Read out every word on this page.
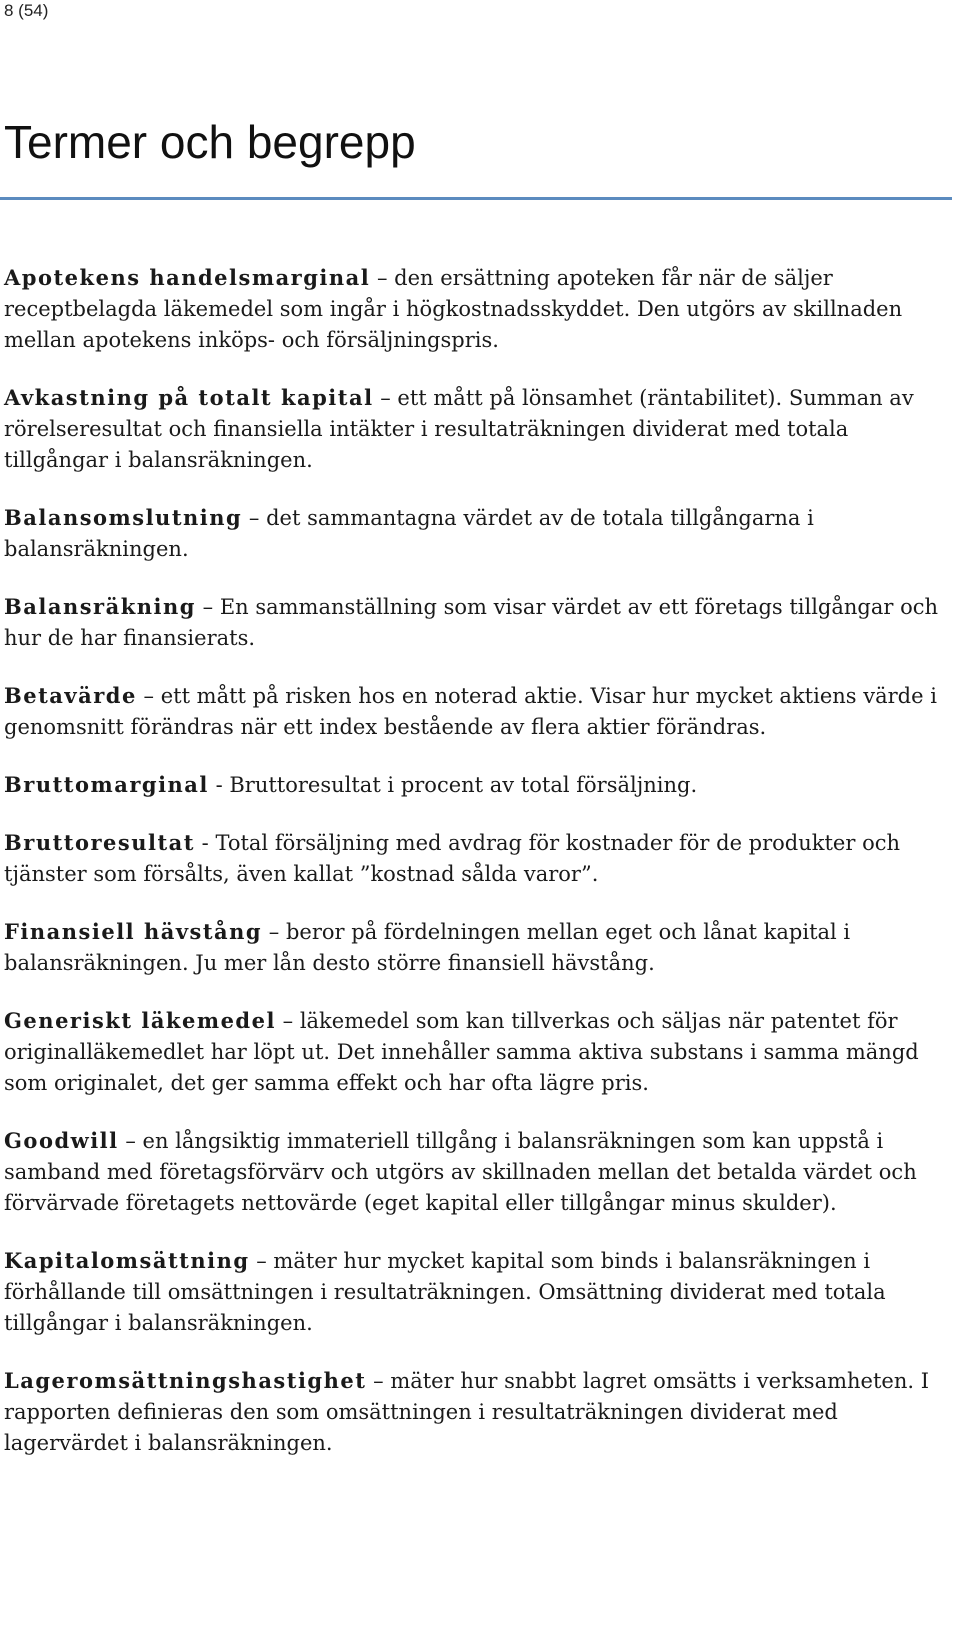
8 (54)
Termer och begrepp

Apotekens handelsmarginal – den ersättning apoteken får när de säljer receptbelagda läkemedel som ingår i högkostnadsskyddet. Den utgörs av skillnaden mellan apotekens inköps- och försäljningspris.

Avkastning på totalt kapital – ett mått på lönsamhet (räntabilitet). Summan av rörelseresultat och finansiella intäkter i resultaträkningen dividerat med totala tillgångar i balansräkningen.

Balansomslutning – det sammantagna värdet av de totala tillgångarna i balansräkningen.

Balansräkning – En sammanställning som visar värdet av ett företags tillgångar och hur de har finansierats.

Betavärde – ett mått på risken hos en noterad aktie. Visar hur mycket aktiens värde i genomsnitt förändras när ett index bestående av flera aktier förändras.

Bruttomarginal - Bruttoresultat i procent av total försäljning.

Bruttoresultat - Total försäljning med avdrag för kostnader för de produkter och tjänster som försålts, även kallat ”kostnad sålda varor”.

Finansiell hävstång – beror på fördelningen mellan eget och lånat kapital i balansräkningen. Ju mer lån desto större finansiell hävstång.

Generiskt läkemedel – läkemedel som kan tillverkas och säljas när patentet för originalläkemedlet har löpt ut. Det innehåller samma aktiva substans i samma mängd som originalet, det ger samma effekt och har ofta lägre pris.

Goodwill – en långsiktig immateriell tillgång i balansräkningen som kan uppstå i samband med företagsförvärv och utgörs av skillnaden mellan det betalda värdet och förvärvade företagets nettovärde (eget kapital eller tillgångar minus skulder).

Kapitalomsättning – mäter hur mycket kapital som binds i balansräkningen i förhållande till omsättningen i resultaträkningen. Omsättning dividerat med totala tillgångar i balansräkningen.

Lageromsättningshastighet – mäter hur snabbt lagret omsätts i verksamheten. I rapporten definieras den som omsättningen i resultaträkningen dividerat med lagervärdet i balansräkningen.
